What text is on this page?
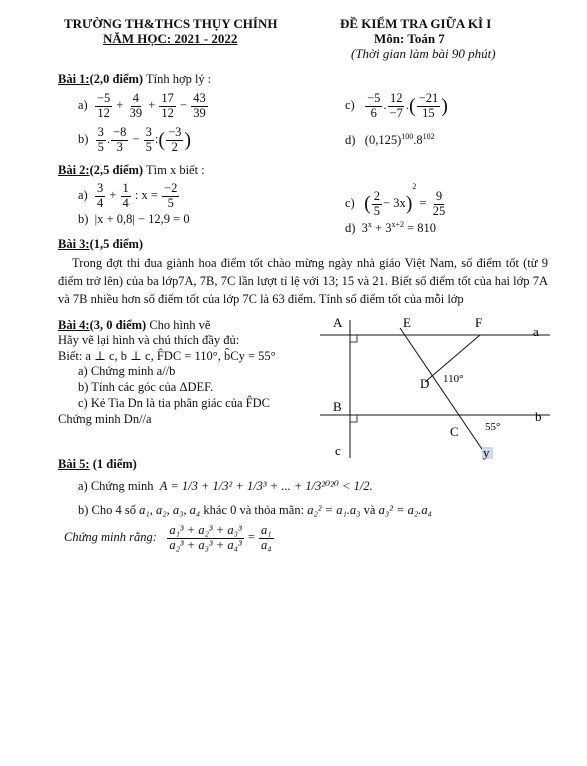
TRƯỜNG TH&THCS THỤY CHÍNH
NĂM HỌC: 2021 - 2022
ĐỀ KIỂM TRA GIỮA KÌ I
Môn: Toán 7
(Thời gian làm bài 90 phút)
Bài 1:(2,0 điểm) Tính hợp lý :
$a) \frac{-5}{12} + \frac{4}{39} + \frac{17}{12} - \frac{43}{39}$
$b) \frac{3}{5}$ . $\frac{-8}{3} - \frac{3}{5}$ :( $\frac{-3}{2}$ )
$c) \frac{-5}{6}$ . $\frac{12}{-7}$ .( $\frac{-21}{15}$ )
d) $(0,125)^{100}.8^{102}$
Bài 2:(2,5 điểm) Tìm x biết :
$a) \frac{3}{4} + \frac{1}{4}$ : $x = \frac{-2}{5}$
b) |x + 0,8| − 12,9 = 0
c) ( $\frac{2}{5} - 3x)^2 = \frac{9}{25}$
d) $3^x + 3^{x+2} = 810$
Bài 3:(1,5 điểm)
Trong đợt thi đua giành hoa điểm tốt chào mừng ngày nhà giáo Việt Nam, số điểm tốt (từ 9 điểm trở lên) của ba lớp7A, 7B, 7C lần lượt tỉ lệ với 13; 15 và 21. Biết số điểm tốt của hai lớp 7A và 7B nhiều hơn số điểm tốt của lớp 7C là 63 điểm. Tính số điểm tốt của mỗi lớp
Bài 4:(3, 0 điểm) Cho hình vẽ
Hãy vẽ lại hình và chú thích đầy đủ:
Biết: a ⊥ c, b ⊥ c, F̂DC = 110°, b̂Cy = 55°
a) Chứng minh a//b
b) Tính các góc của ΔDEF.
c) Kẻ Tia Dn là tia phân giác của F̂DC
Chứng minh Dn//a
A	E	F
a
D 110°
B
b
C 55°
c	y
Bài 5: (1 điểm)
a) Chứng minh A = 1/3 + 1/3² + 1/3³ + ... + 1/3²⁰²⁰ < 1/2.
b) Cho 4 số a₁, a₂, a₃, a₄ khác 0 và thỏa mãn: a₂² = a₁.a₃ và a₃² = a₂.a₄
Chứng minh rằng: $\frac{\text{a₁³ + a₂³ + a₃³}}{\text{a₂³ + a₃³ + a₄³}} = \frac{\text{a₁}}{\text{a₄}}$
